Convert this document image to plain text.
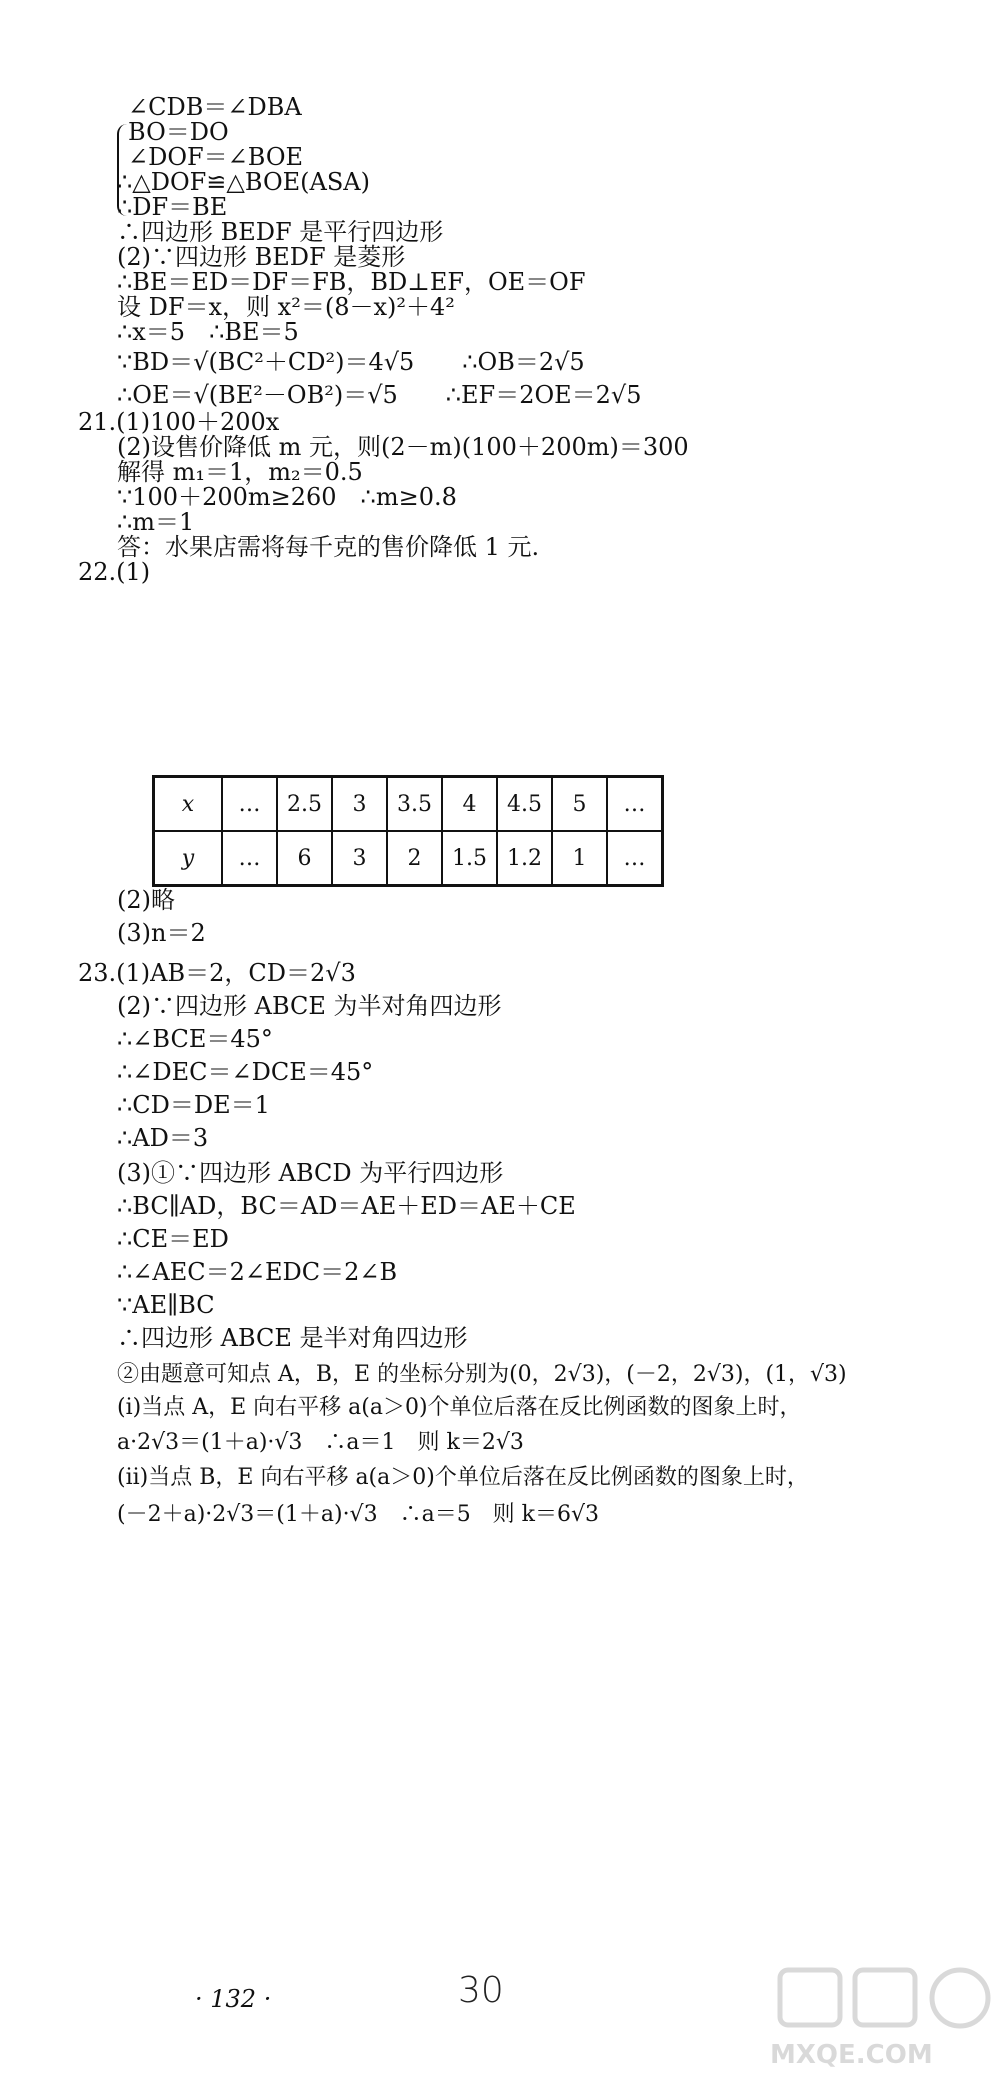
∠CDB＝∠DBA
BO＝DO
∠DOF＝∠BOE
∴△DOF≌△BOE(ASA)
∴DF＝BE
∴四边形 BEDF 是平行四边形
(2)∵四边形 BEDF 是菱形
∴BE＝ED＝DF＝FB，BD⊥EF，OE＝OF
设 DF＝x，则 x²＝(8－x)²＋4²
∴x＝5　∴BE＝5
∵BD＝√(BC²＋CD²)＝4√5　　∴OB＝2√5
∴OE＝√(BE²－OB²)＝√5　　∴EF＝2OE＝2√5
21.(1)100＋200x
(2)设售价降低 m 元，则(2－m)(100＋200m)＝300
解得 m₁＝1，m₂＝0.5
∵100＋200m≥260　∴m≥0.8
∴m＝1
答：水果店需将每千克的售价降低 1 元.
22.(1)
x	…	2.5	3	3.5	4	4.5	5	…
y	…	6	3	2	1.5	1.2	1	…
(2)略
(3)n＝2
23.(1)AB＝2，CD＝2√3
(2)∵四边形 ABCE 为半对角四边形
∴∠BCE＝45°
∴∠DEC＝∠DCE＝45°
∴CD＝DE＝1
∴AD＝3
(3)①∵四边形 ABCD 为平行四边形
∴BC∥AD，BC＝AD＝AE＋ED＝AE＋CE
∴CE＝ED
∴∠AEC＝2∠EDC＝2∠B
∵AE∥BC
∴四边形 ABCE 是半对角四边形
②由题意可知点 A，B，E 的坐标分别为(0，2√3)，(－2，2√3)，(1，√3)
(i)当点 A，E 向右平移 a(a＞0)个单位后落在反比例函数的图象上时，
a·2√3＝(1＋a)·√3　∴a＝1　则 k＝2√3
(ii)当点 B，E 向右平移 a(a＞0)个单位后落在反比例函数的图象上时，
(－2＋a)·2√3＝(1＋a)·√3　∴a＝5　则 k＝6√3
· 132 ·	30
MXQE.COM
